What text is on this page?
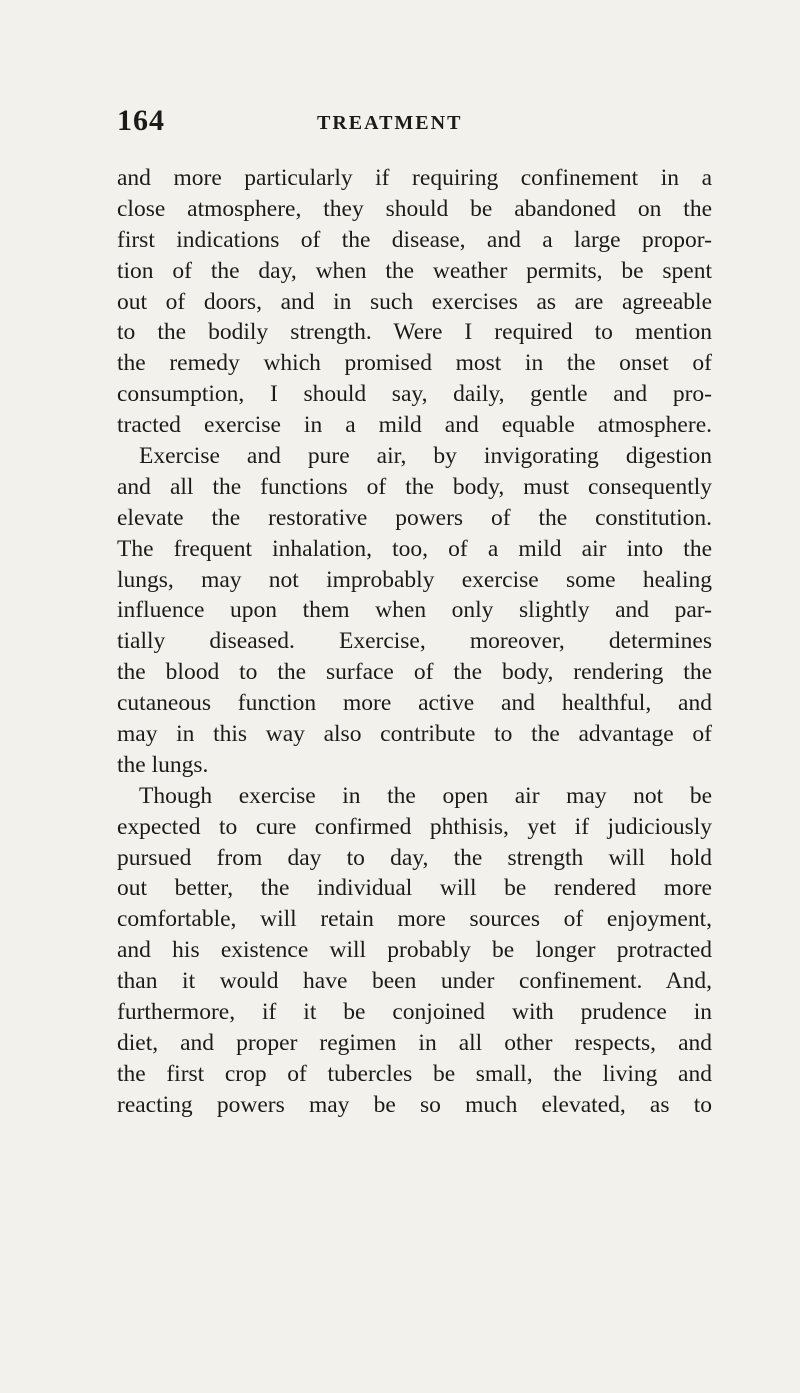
164	TREATMENT
and more particularly if requiring confinement in a
close atmosphere, they should be abandoned on the
first indications of the disease, and a large propor-
tion of the day, when the weather permits, be spent
out of doors, and in such exercises as are agreeable
to the bodily strength. Were I required to mention
the remedy which promised most in the onset of
consumption, I should say, daily, gentle and pro-
tracted exercise in a mild and equable atmosphere.
Exercise and pure air, by invigorating digestion
and all the functions of the body, must consequently
elevate the restorative powers of the constitution.
The frequent inhalation, too, of a mild air into the
lungs, may not improbably exercise some healing
influence upon them when only slightly and par-
tially diseased. Exercise, moreover, determines
the blood to the surface of the body, rendering the
cutaneous function more active and healthful, and
may in this way also contribute to the advantage of
the lungs.
Though exercise in the open air may not be
expected to cure confirmed phthisis, yet if judiciously
pursued from day to day, the strength will hold
out better, the individual will be rendered more
comfortable, will retain more sources of enjoyment,
and his existence will probably be longer protracted
than it would have been under confinement. And,
furthermore, if it be conjoined with prudence in
diet, and proper regimen in all other respects, and
the first crop of tubercles be small, the living and
reacting powers may be so much elevated, as to
